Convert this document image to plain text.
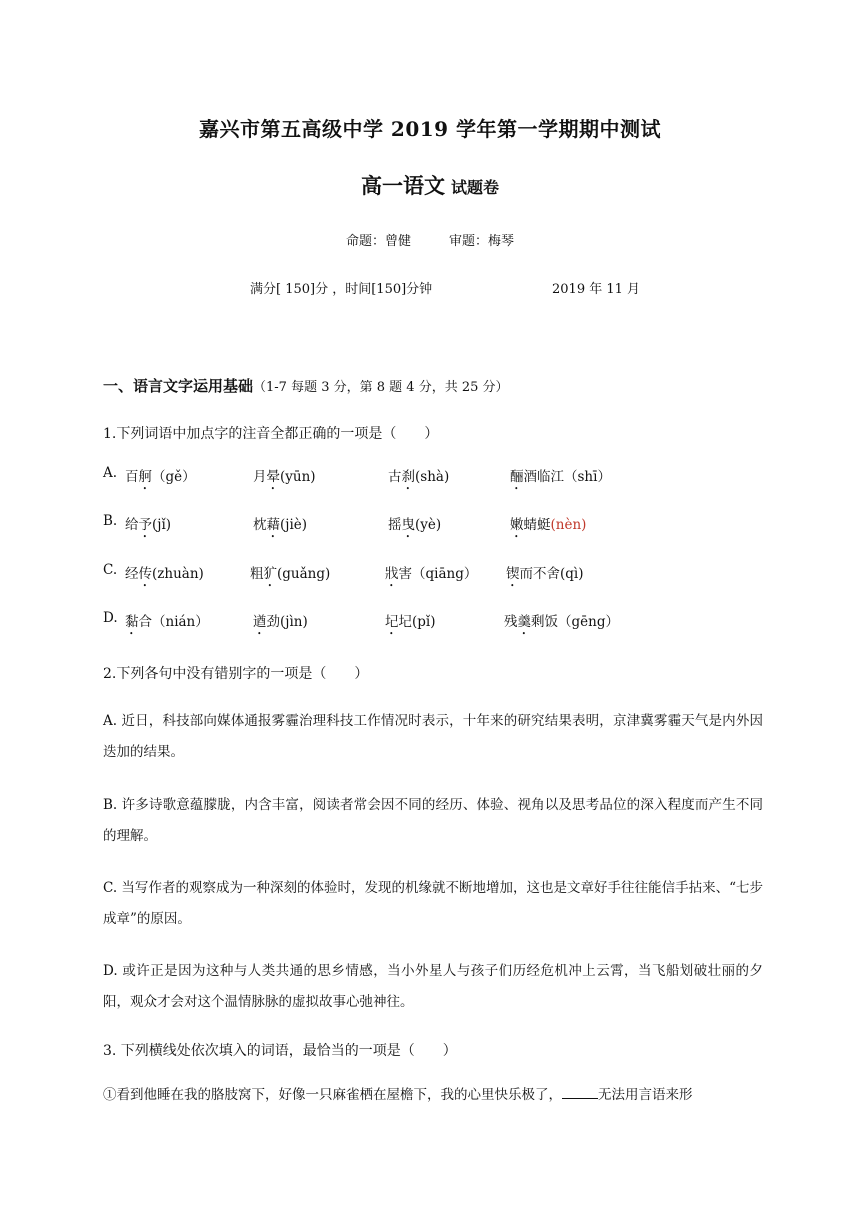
嘉兴市第五高级中学 2019 学年第一学期期中测试
高一语文 试题卷
命题：曾健	审题：梅琴
满分[ 150]分 ，时间[150]分钟	2019 年 11 月
一、语言文字运用基础（1-7 每题 3 分，第 8 题 4 分，共 25 分）
1.下列词语中加点字的注音全都正确的一项是（　　）
A. 百舸（gě）	月晕(yūn)	古刹(shà)	酾酒临江（shī）
B. 给予(jǐ)	枕藉(jiè)	摇曳(yè)	嫩蜻蜓(nèn)
C. 经传(zhuàn)	粗犷(guǎng)	戕害（qiāng） 锲而不舍(qì)
D. 黏合（nián）	遒劲(jìn)	圮圮(pǐ)	残羹剩饭（gēng）
2.下列各句中没有错别字的一项是（　　）
A. 近日，科技部向媒体通报雾霾治理科技工作情况时表示，十年来的研究结果表明，京津冀雾霾天气是内外因迭加的结果。
B. 许多诗歌意蕴朦胧，内含丰富，阅读者常会因不同的经历、体验、视角以及思考品位的深入程度而产生不同的理解。
C. 当写作者的观察成为一种深刻的体验时，发现的机缘就不断地增加，这也是文章好手往往能信手拈来、“七步成章”的原因。
D. 或许正是因为这种与人类共通的思乡情感，当小外星人与孩子们历经危机冲上云霄，当飞船划破壮丽的夕阳，观众才会对这个温情脉脉的虚拟故事心弛神往。
3. 下列横线处依次填入的词语，最恰当的一项是（　　）
①看到他睡在我的胳肢窝下，好像一只麻雀栖在屋檐下，我的心里快乐极了，	无法用言语来形
